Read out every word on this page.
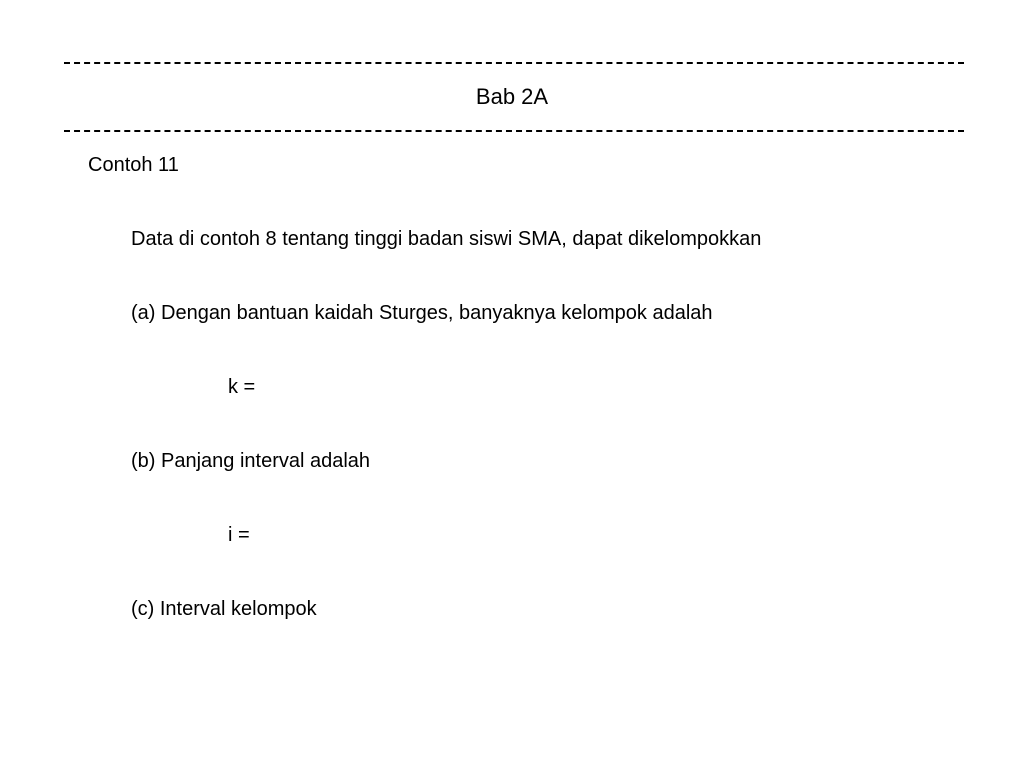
Bab 2A
Contoh 11
Data di contoh 8 tentang tinggi badan siswi SMA, dapat dikelompokkan
(a) Dengan bantuan kaidah Sturges, banyaknya kelompok adalah
k =
(b) Panjang interval adalah
i =
(c) Interval kelompok
